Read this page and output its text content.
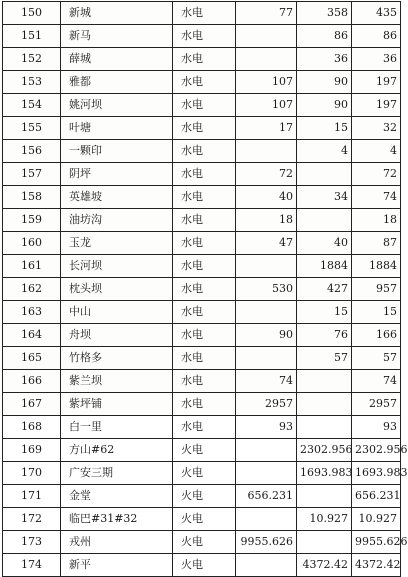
150	新城	水电	77	358	435
151	新马	水电		86	86
152	薛城	水电		36	36
153	雅都	水电	107	90	197
154	姚河坝	水电	107	90	197
155	叶塘	水电	17	15	32
156	一颗印	水电		4	4
157	阴坪	水电	72		72
158	英雄坡	水电	40	34	74
159	油坊沟	水电	18		18
160	玉龙	水电	47	40	87
161	长河坝	水电		1884	1884
162	枕头坝	水电	530	427	957
163	中山	水电		15	15
164	舟坝	水电	90	76	166
165	竹格多	水电		57	57
166	紫兰坝	水电	74		74
167	紫坪铺	水电	2957		2957
168	白一里	水电	93		93
169	方山#62	火电		2302.956	2302.956
170	广安三期	火电		1693.983	1693.983
171	金堂	火电	656.231		656.231
172	临巴#31#32	火电		10.927	10.927
173	戎州	火电	9955.626		9955.626
174	新平	火电		4372.42	4372.42
